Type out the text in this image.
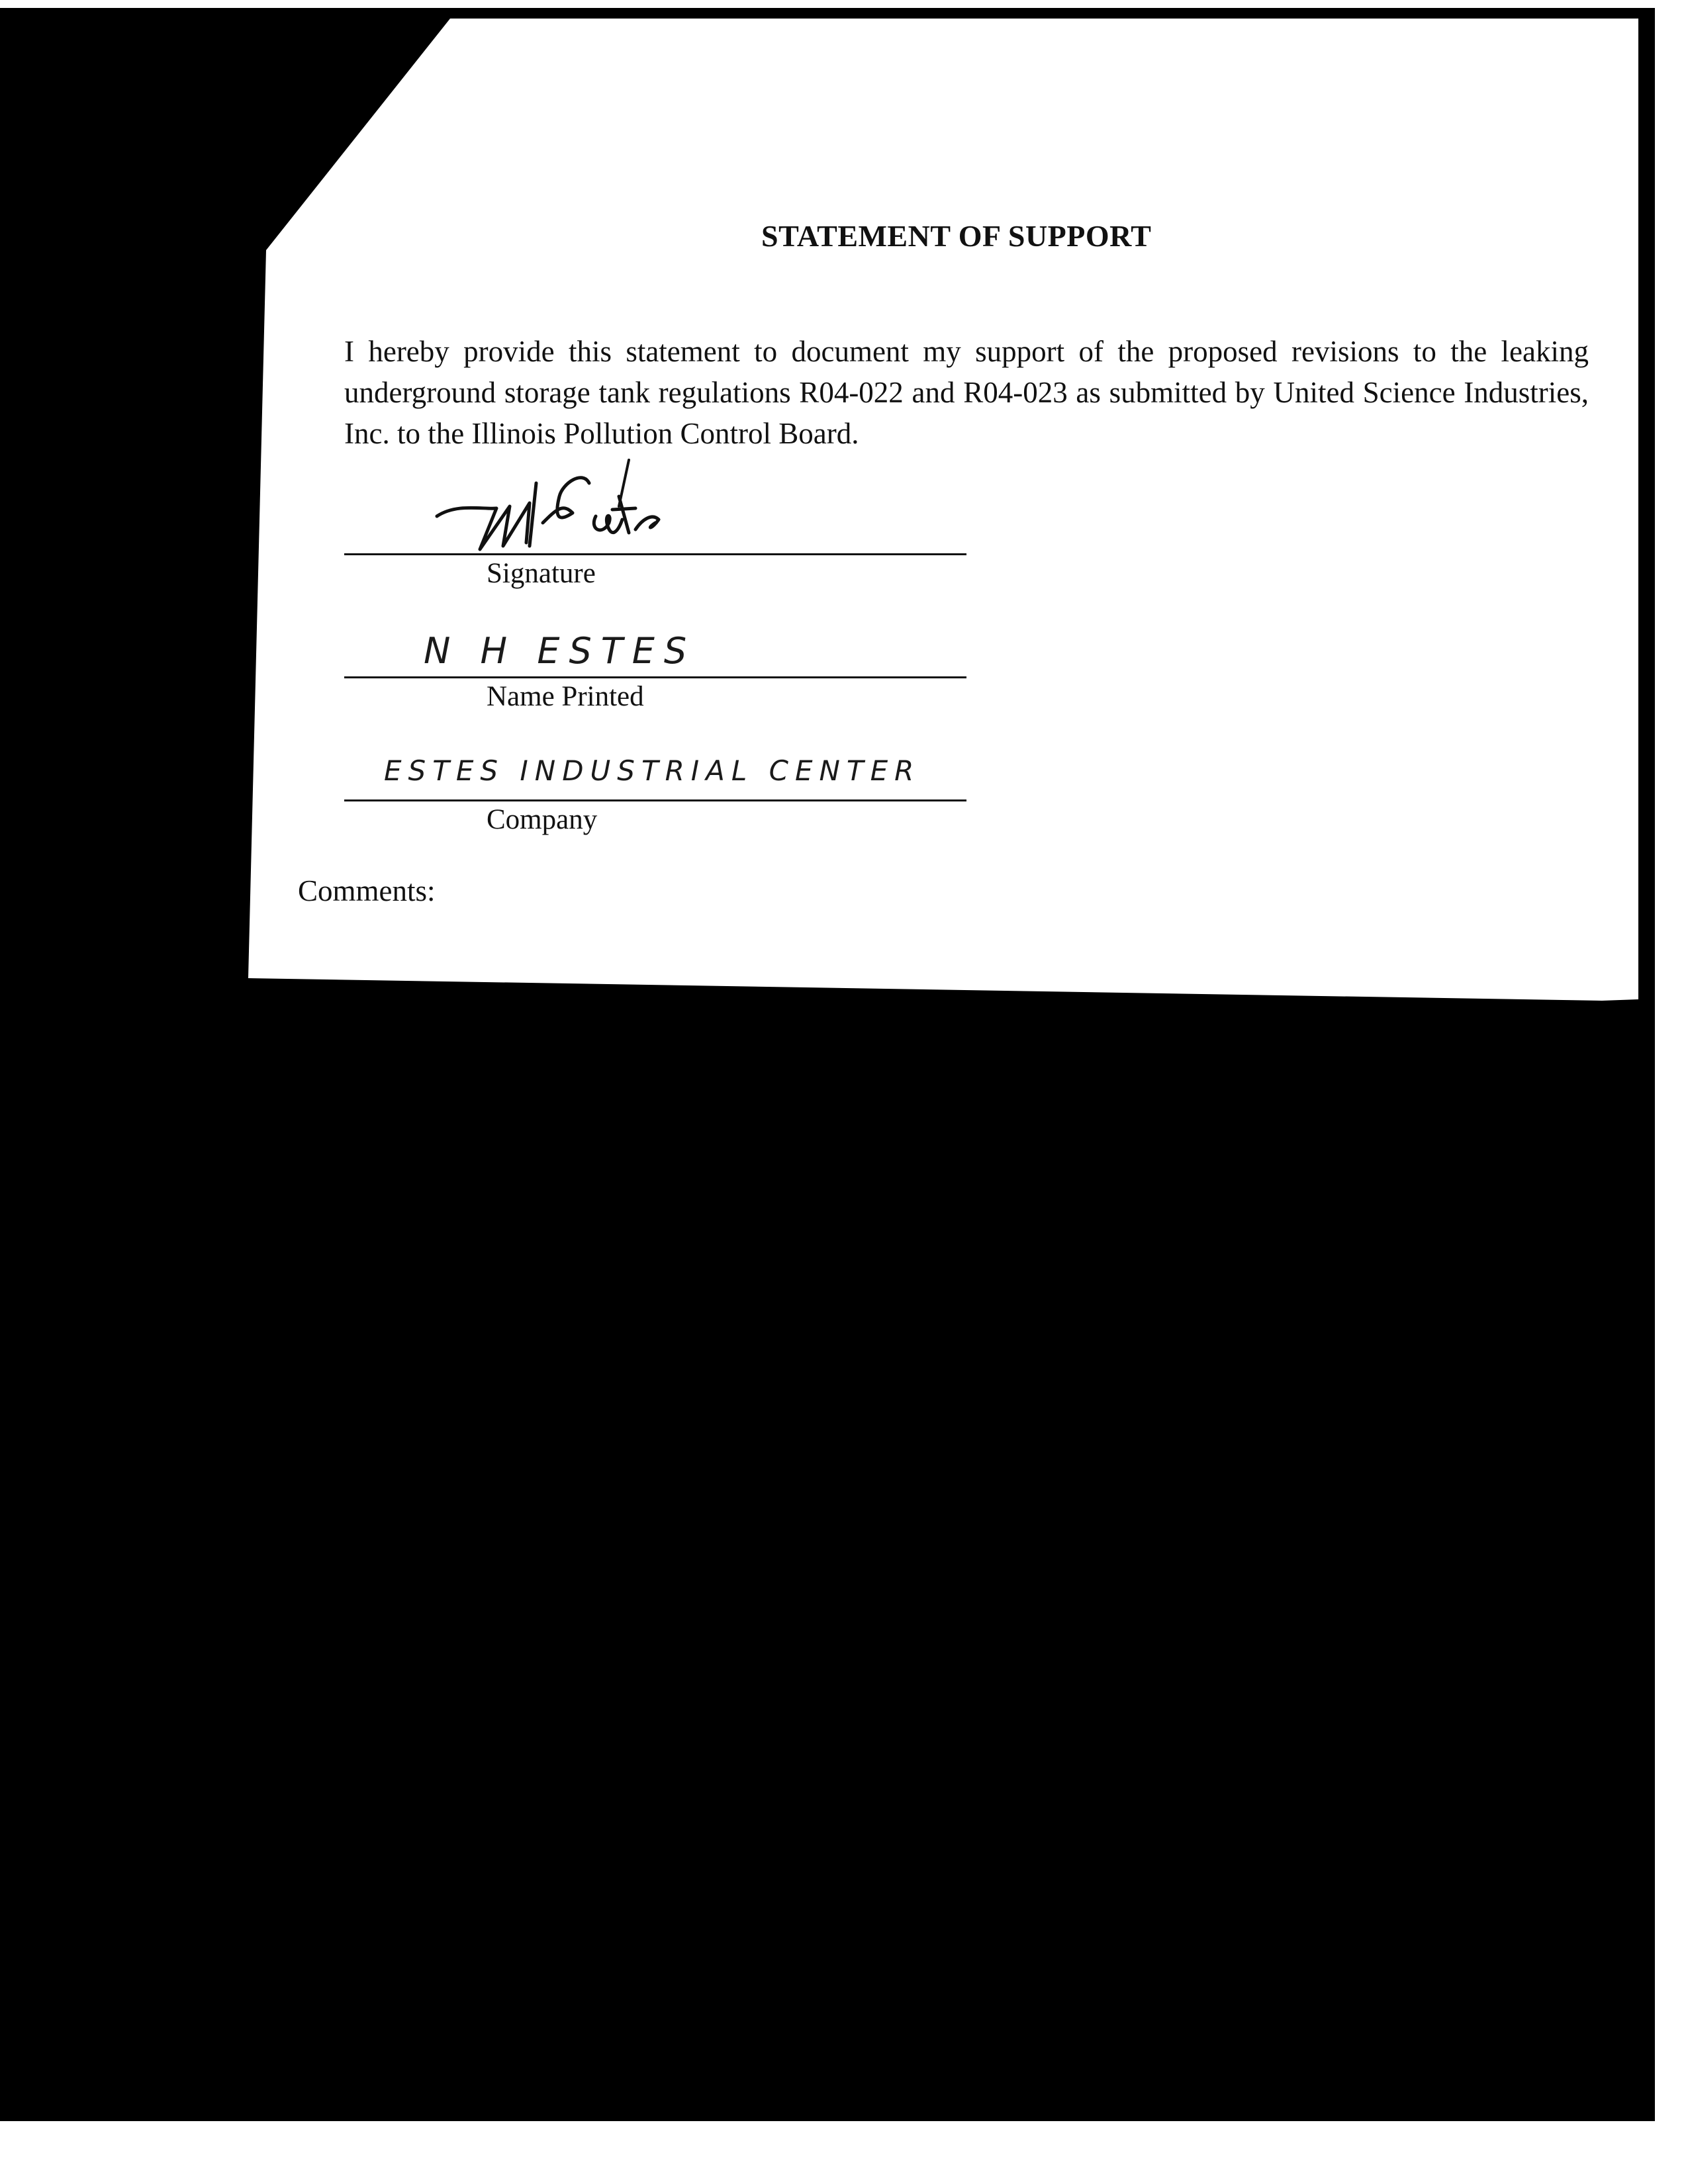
STATEMENT OF SUPPORT
I hereby provide this statement to document my support of the proposed revisions to the leaking underground storage tank regulations R04-022 and R04-023 as submitted by United Science Industries, Inc. to the Illinois Pollution Control Board.
Signature
N H ESTES
Name Printed
ESTES INDUSTRIAL CENTER
Company
Comments:
